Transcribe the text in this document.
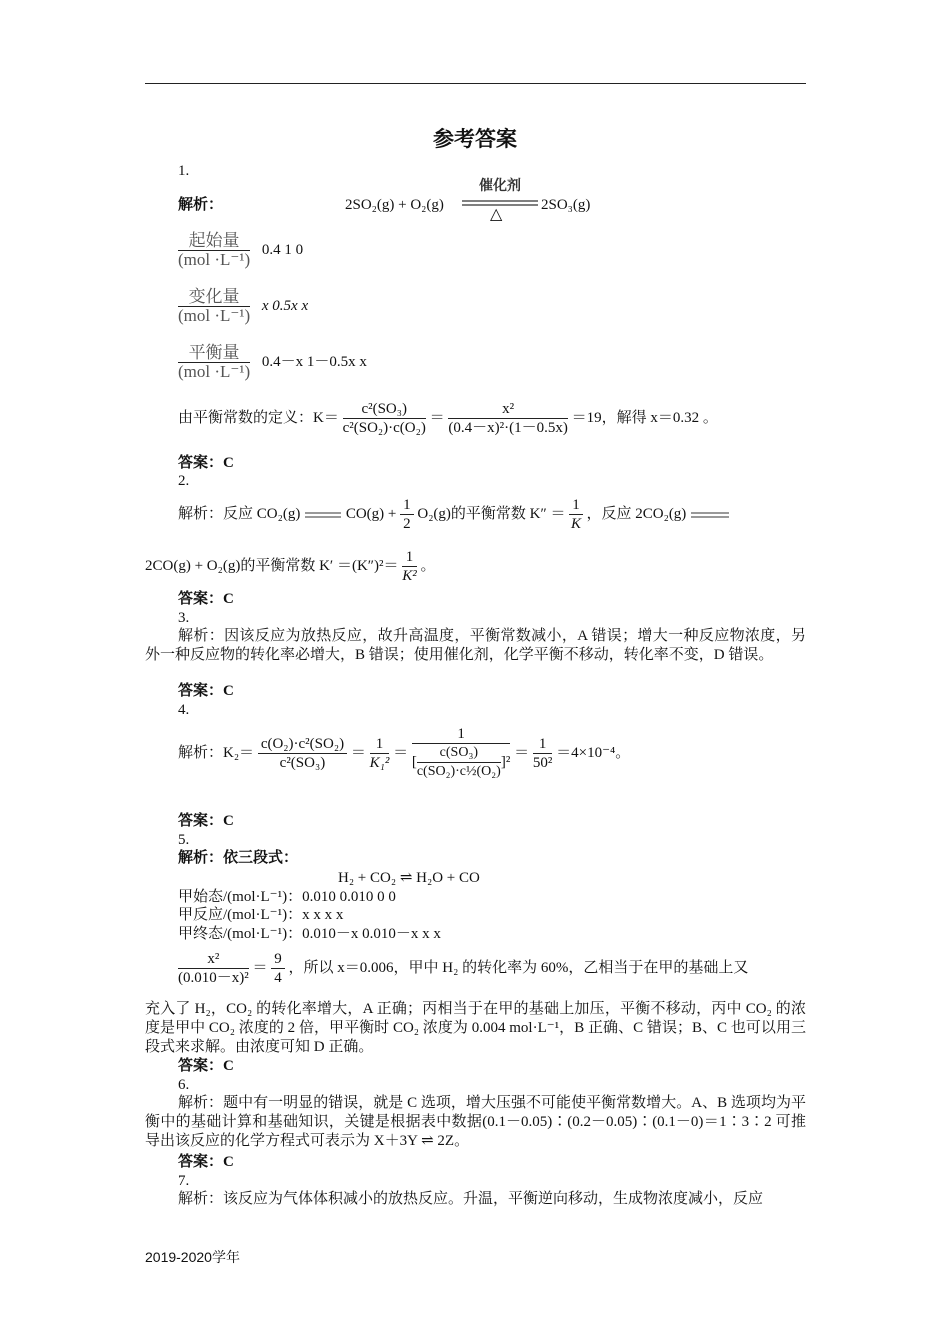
参考答案
1.
解析：	2SO₂(g) + O₂(g)
催化剂
△
2SO₃(g)
$\frac{\text{起始量}}{\text{(mol ·L⁻¹)}} 0.4$ 1 0
$\frac{\text{变化量}}{\text{(mol ·L⁻¹)}}$ x 0.5x x
$\frac{\text{平衡量}}{\text{(mol ·L⁻¹)}} 0.4-x$ 1－0.5x x
由平衡常数的定义：$K= \frac{\text{c²(SO₃)}}{\text{c²(SO₂)·c(O₂)}} = \frac{\text{x²}}{\text{(0.4－x)²·(1－0.5x)}} =19$，解得 x＝0.32 。
答案：C
2.
解析：反应 CO₂(g)	$CO(g) + \frac{1}{2} O_2(g)$的平衡常数 $K'' = \frac{1}{K}$ ，反应 2CO₂(g)
2CO(g) + O₂(g)的平衡常数 $K' =(K'')^2= \frac{1}{\text{K²}}$ 。
答案：C
3.
解析：因该反应为放热反应，故升高温度，平衡常数减小，A 错误；增大一种反应物浓度，另外一种反应物的转化率必增大，B 错误；使用催化剂，化学平衡不移动，转化率不变，D 错误。
答案：C
4.
解析：$K_2= \frac{\text{c(O₂)·c²(SO₂)}}{\text{c²(SO₃)}} = \frac{1}{\text{K₁²}} = \frac{1}{[ \frac{\text{c(SO₃)}}{\text{c(SO₂)·c½(O₂)}} ]^2} = \frac{1}{\text{50²}} =4\times 10^{-4}$。
答案：C
5.
解析：依三段式：
H₂ + CO₂ ⇌ H₂O + CO
甲始态/(mol·L⁻¹)：0.010 0.010 0 0
甲反应/(mol·L⁻¹)：x x x x
甲终态/(mol·L⁻¹)：0.010－x 0.010－x x x
$\frac{\text{x²}}{\text{(0.010－x)²}} = \frac{9}{4}$ ，所以 x＝0.006，甲中 H₂ 的转化率为 60%，乙相当于在甲的基础上又
充入了 H₂，CO₂ 的转化率增大，A 正确；丙相当于在甲的基础上加压，平衡不移动，丙中 CO₂ 的浓度是甲中 CO₂ 浓度的 2 倍，甲平衡时 CO₂ 浓度为 0.004 mol·L⁻¹，B 正确、C 错误；B、C 也可以用三段式来求解。由浓度可知 D 正确。
答案：C
6.
解析：题中有一明显的错误，就是 C 选项，增大压强不可能使平衡常数增大。A、B 选项均为平衡中的基础计算和基础知识，关键是根据表中数据(0.1－0.05)∶(0.2－0.05)∶(0.1－0)＝1∶3∶2 可推导出该反应的化学方程式可表示为 X＋3Y ⇌ 2Z。
答案：C
7.
解析：该反应为气体体积减小的放热反应。升温，平衡逆向移动，生成物浓度减小，反应
2019-2020学年
